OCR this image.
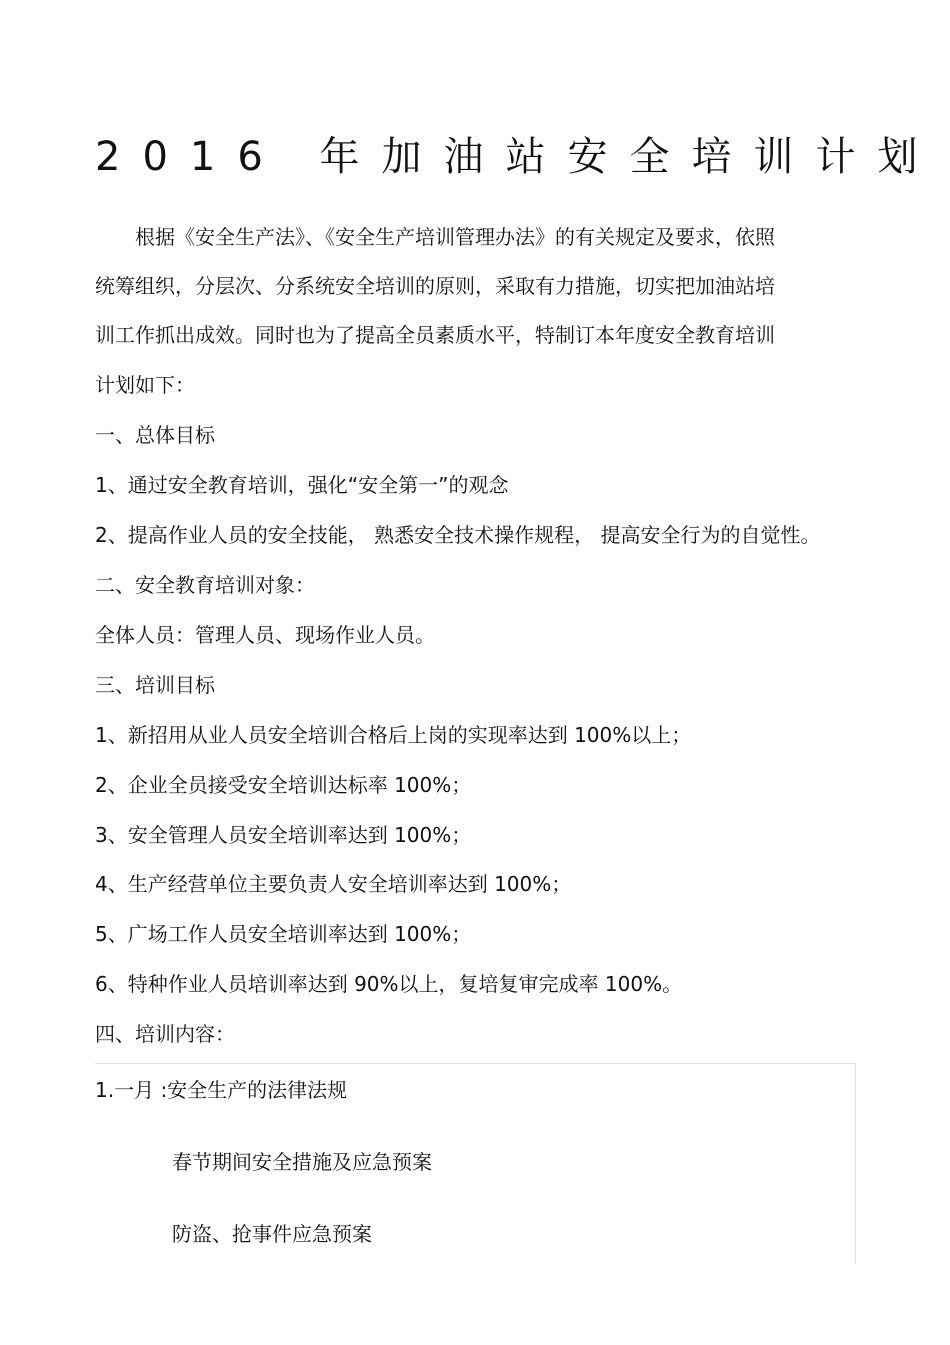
2016 年加油站安全培训计划
根据《安全生产法》、《安全生产培训管理办法》的有关规定及要求，依照
统筹组织，分层次、分系统安全培训的原则，采取有力措施，切实把加油站培
训工作抓出成效。同时也为了提高全员素质水平，特制订本年度安全教育培训
计划如下：
一、总体目标
1、通过安全教育培训，强化“安全第一”的观念
2、提高作业人员的安全技能， 熟悉安全技术操作规程， 提高安全行为的自觉性。
二、安全教育培训对象：
全体人员：管理人员、现场作业人员。
三、培训目标
1、新招用从业人员安全培训合格后上岗的实现率达到 100%以上；
2、企业全员接受安全培训达标率 100%；
3、安全管理人员安全培训率达到 100%；
4、生产经营单位主要负责人安全培训率达到 100%；
5、广场工作人员安全培训率达到 100%；
6、特种作业人员培训率达到 90%以上，复培复审完成率 100%。
四、培训内容：
1.一月 :安全生产的法律法规
春节期间安全措施及应急预案
防盗、抢事件应急预案
